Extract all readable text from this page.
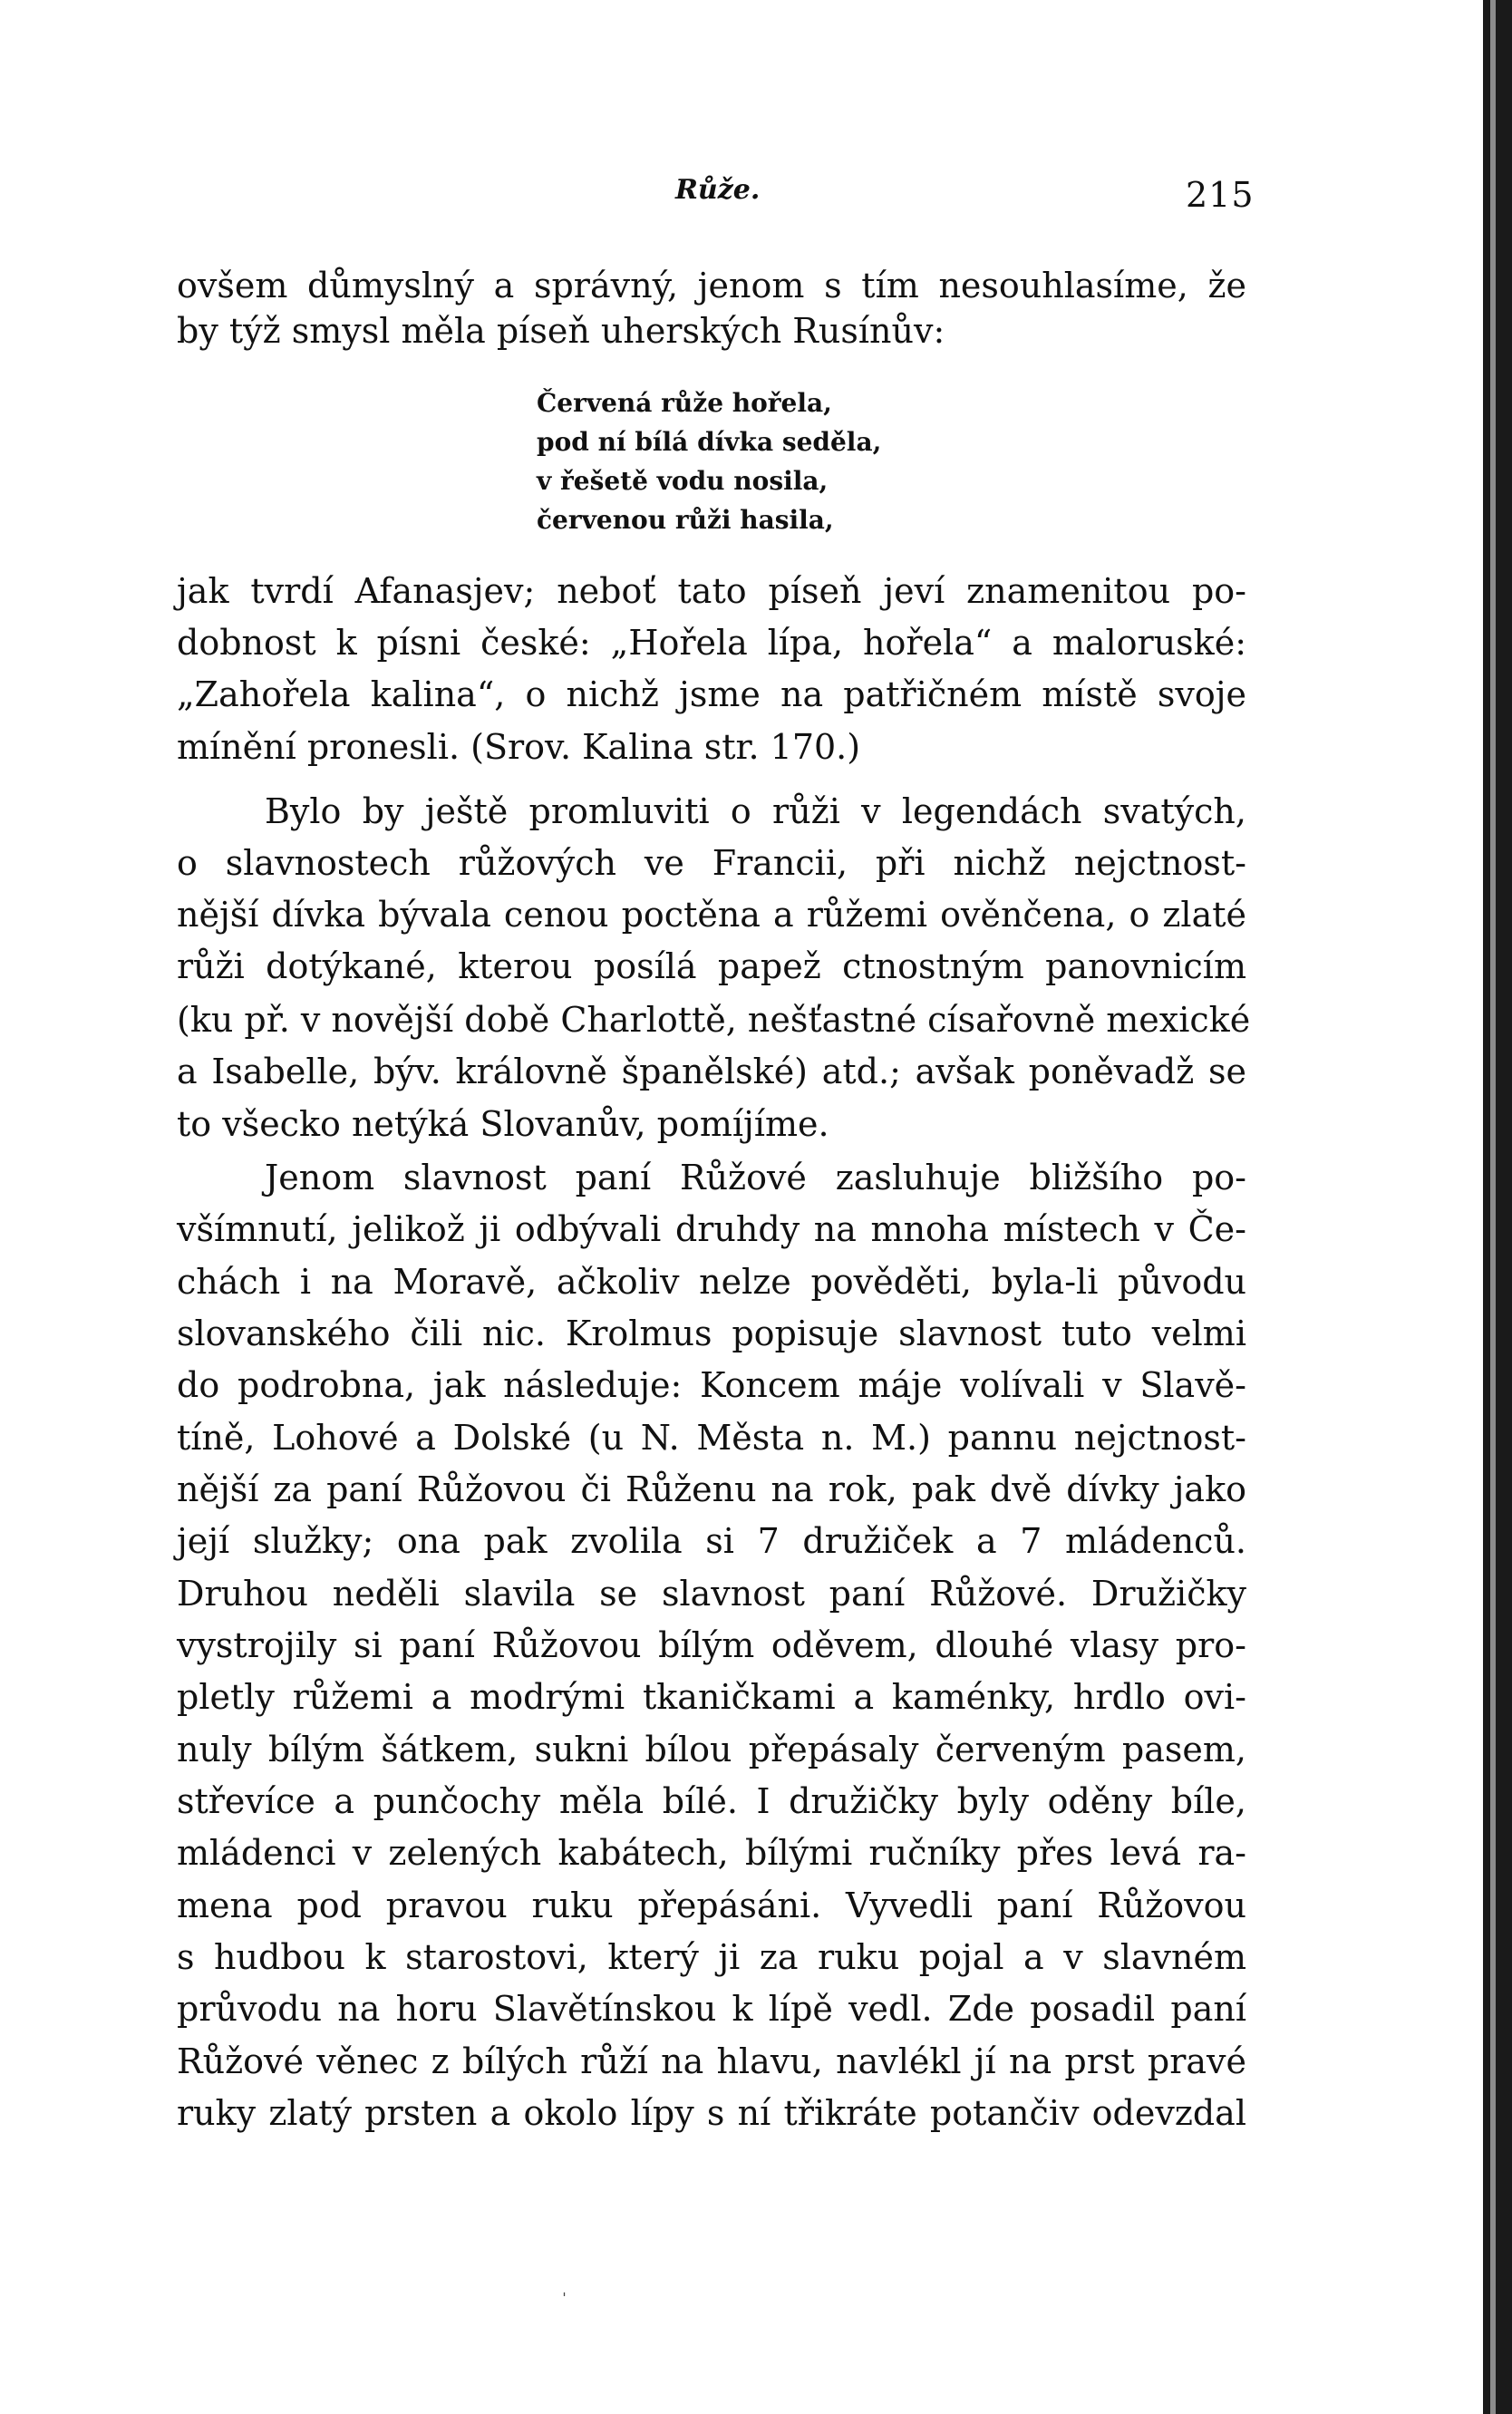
Růže.	215
ovšem důmyslný a správný, jenom s tím nesouhlasíme, že
by týž smysl měla píseň uherských Rusínův:
Červená růže hořela,
pod ní bílá dívka seděla,
v řešetě vodu nosila,
červenou růži hasila,
jak tvrdí Afanasjev; neboť tato píseň jeví znamenitou po-
dobnost k písni české: „Hořela lípa, hořela“ a maloruské:
„Zahořela kalina“, o nichž jsme na patřičném místě svoje
mínění pronesli. (Srov. Kalina str. 170.)
Bylo by ještě promluviti o růži v legendách svatých,
o slavnostech růžových ve Francii, při nichž nejctnost-
nější dívka bývala cenou poctěna a růžemi ověnčena, o zlaté
růži dotýkané, kterou posílá papež ctnostným panovnicím
(ku př. v novější době Charlottě, nešťastné císařovně mexické
a Isabelle, býv. královně španělské) atd.; avšak poněvadž se
to všecko netýká Slovanův, pomíjíme.
Jenom slavnost paní Růžové zasluhuje bližšího po-
všímnutí, jelikož ji odbývali druhdy na mnoha místech v Če-
chách i na Moravě, ačkoliv nelze pověděti, byla-li původu
slovanského čili nic. Krolmus popisuje slavnost tuto velmi
do podrobna, jak následuje: Koncem máje volívali v Slavě-
tíně, Lohové a Dolské (u N. Města n. M.) pannu nejctnost-
nější za paní Růžovou či Růženu na rok, pak dvě dívky jako
její služky; ona pak zvolila si 7 družiček a 7 mládenců.
Druhou neděli slavila se slavnost paní Růžové. Družičky
vystrojily si paní Růžovou bílým oděvem, dlouhé vlasy pro-
pletly růžemi a modrými tkaničkami a kaménky, hrdlo ovi-
nuly bílým šátkem, sukni bílou přepásaly červeným pasem,
střevíce a punčochy měla bílé. I družičky byly oděny bíle,
mládenci v zelených kabátech, bílými ručníky přes levá ra-
mena pod pravou ruku přepásáni. Vyvedli paní Růžovou
s hudbou k starostovi, který ji za ruku pojal a v slavném
průvodu na horu Slavětínskou k lípě vedl. Zde posadil paní
Růžové věnec z bílých růží na hlavu, navlékl jí na prst pravé
ruky zlatý prsten a okolo lípy s ní třikráte potančiv odevzdal
ˌ
